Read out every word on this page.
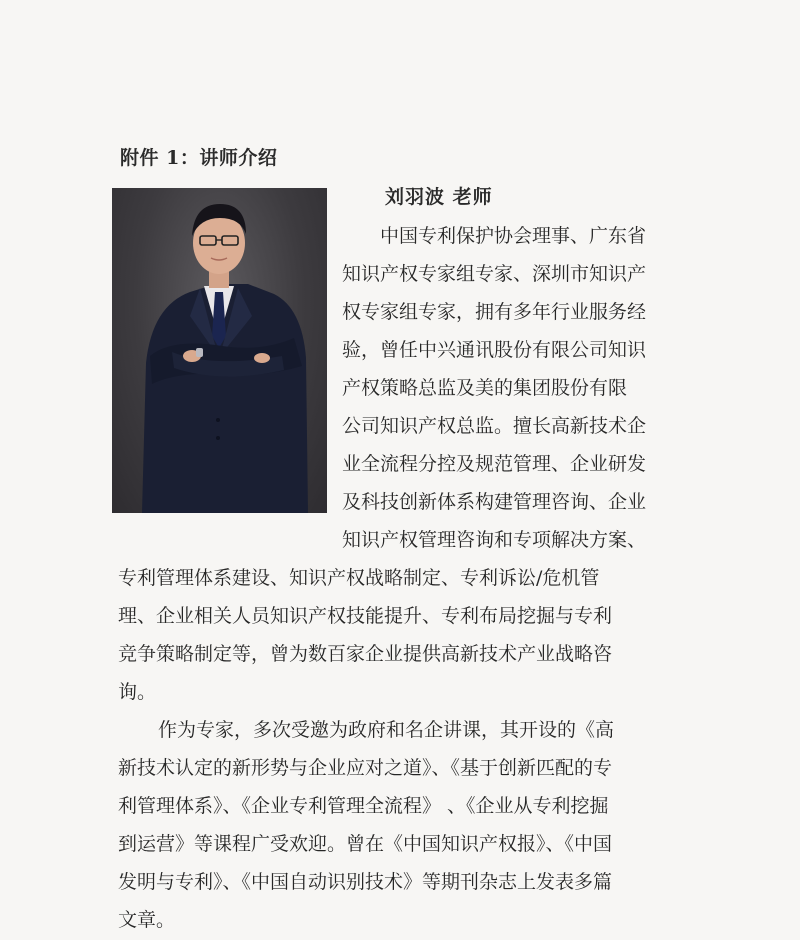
附件 1：讲师介绍
刘羽波 老师
中国专利保护协会理事、广东省
知识产权专家组专家、深圳市知识产
权专家组专家，拥有多年行业服务经
验，曾任中兴通讯股份有限公司知识
产权策略总监及美的集团股份有限
公司知识产权总监。擅长高新技术企
业全流程分控及规范管理、企业研发
及科技创新体系构建管理咨询、企业
知识产权管理咨询和专项解决方案、
专利管理体系建设、知识产权战略制定、专利诉讼/危机管
理、企业相关人员知识产权技能提升、专利布局挖掘与专利
竞争策略制定等，曾为数百家企业提供高新技术产业战略咨
询。
作为专家，多次受邀为政府和名企讲课，其开设的《高
新技术认定的新形势与企业应对之道》、《基于创新匹配的专
利管理体系》、《企业专利管理全流程》 、《企业从专利挖掘
到运营》等课程广受欢迎。曾在《中国知识产权报》、《中国
发明与专利》、《中国自动识别技术》等期刊杂志上发表多篇
文章。
